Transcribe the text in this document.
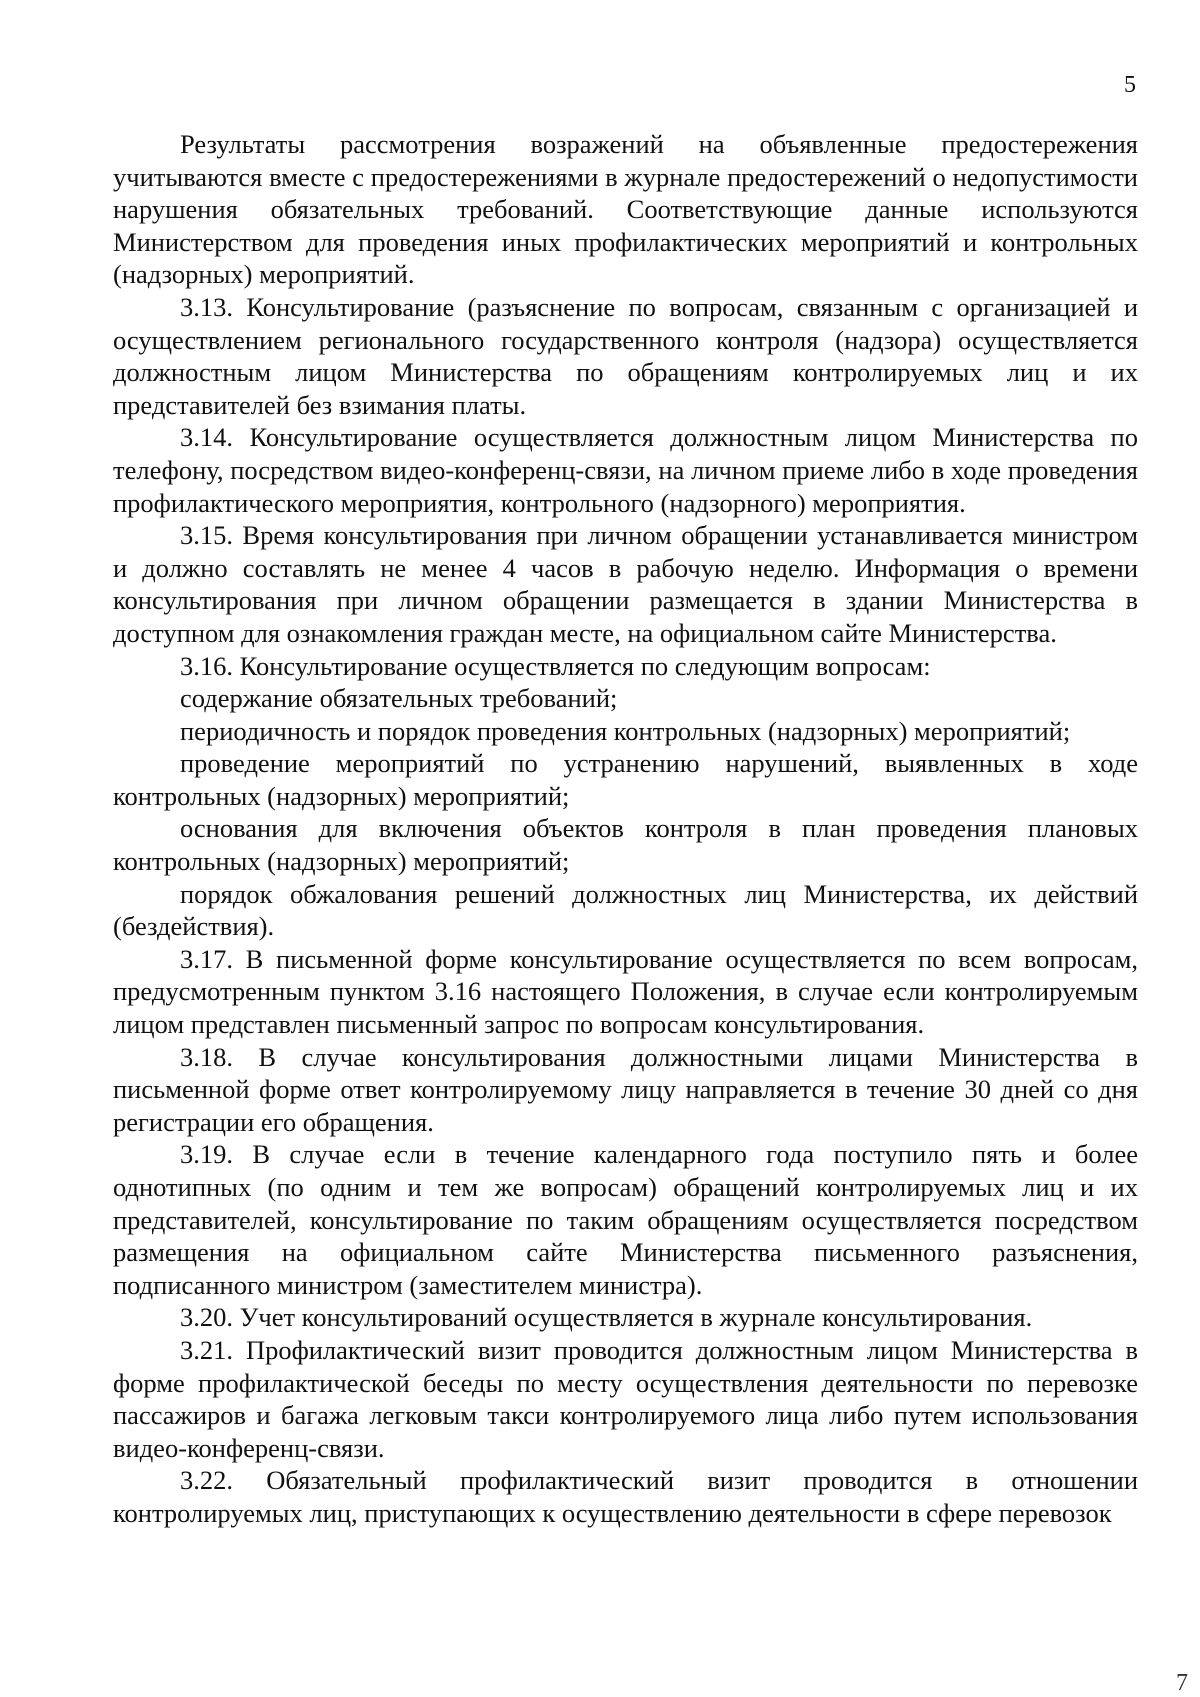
5

Результаты рассмотрения возражений на объявленные предостережения учитываются вместе с предостережениями в журнале предостережений о недопустимости нарушения обязательных требований. Соответствующие данные используются Министерством для проведения иных профилактических мероприятий и контрольных (надзорных) мероприятий.

3.13. Консультирование (разъяснение по вопросам, связанным с организацией и осуществлением регионального государственного контроля (надзора) осуществляется должностным лицом Министерства по обращениям контролируемых лиц и их представителей без взимания платы.

3.14. Консультирование осуществляется должностным лицом Министерства по телефону, посредством видео-конференц-связи, на личном приеме либо в ходе проведения профилактического мероприятия, контрольного (надзорного) мероприятия.

3.15. Время консультирования при личном обращении устанавливается министром и должно составлять не менее 4 часов в рабочую неделю. Информация о времени консультирования при личном обращении размещается в здании Министерства в доступном для ознакомления граждан месте, на официальном сайте Министерства.

3.16. Консультирование осуществляется по следующим вопросам:

содержание обязательных требований;

периодичность и порядок проведения контрольных (надзорных) мероприятий;

проведение мероприятий по устранению нарушений, выявленных в ходе контрольных (надзорных) мероприятий;

основания для включения объектов контроля в план проведения плановых контрольных (надзорных) мероприятий;

порядок обжалования решений должностных лиц Министерства, их действий (бездействия).

3.17. В письменной форме консультирование осуществляется по всем вопросам, предусмотренным пунктом 3.16 настоящего Положения, в случае если контролируемым лицом представлен письменный запрос по вопросам консультирования.

3.18. В случае консультирования должностными лицами Министерства в письменной форме ответ контролируемому лицу направляется в течение 30 дней со дня регистрации его обращения.

3.19. В случае если в течение календарного года поступило пять и более однотипных (по одним и тем же вопросам) обращений контролируемых лиц и их представителей, консультирование по таким обращениям осуществляется посредством размещения на официальном сайте Министерства письменного разъяснения, подписанного министром (заместителем министра).

3.20. Учет консультирований осуществляется в журнале консультирования.

3.21. Профилактический визит проводится должностным лицом Министерства в форме профилактической беседы по месту осуществления деятельности по перевозке пассажиров и багажа легковым такси контролируемого лица либо путем использования видео-конференц-связи.

3.22. Обязательный профилактический визит проводится в отношении контролируемых лиц, приступающих к осуществлению деятельности в сфере перевозок

7
